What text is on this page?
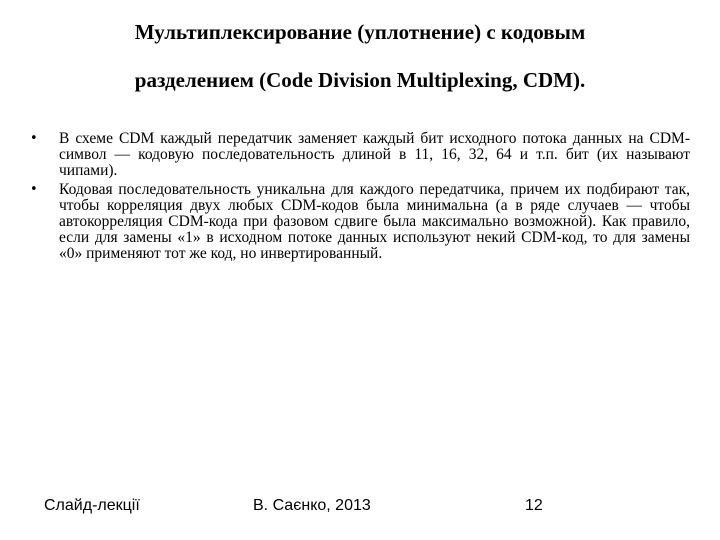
Мультиплексирование (уплотнение) с кодовым
разделением (Code Division Multiplexing, CDM).
• В схеме CDM каждый передатчик заменяет каждый бит исходного потока данных на CDM-символ — кодовую последовательность длиной в 11, 16, 32, 64 и т.п. бит (их называют чипами).
• Кодовая последовательность уникальна для каждого передатчика, причем их подбирают так, чтобы корреляция двух любых CDM-кодов была минимальна (а в ряде случаев — чтобы автокорреляция CDM-кода при фазовом сдвиге была максимально возможной). Как правило, если для замены «1» в исходном потоке данных используют некий CDM-код, то для замены «0» применяют тот же код, но инвертированный.
Слайд-лекції	В. Саєнко, 2013	12
